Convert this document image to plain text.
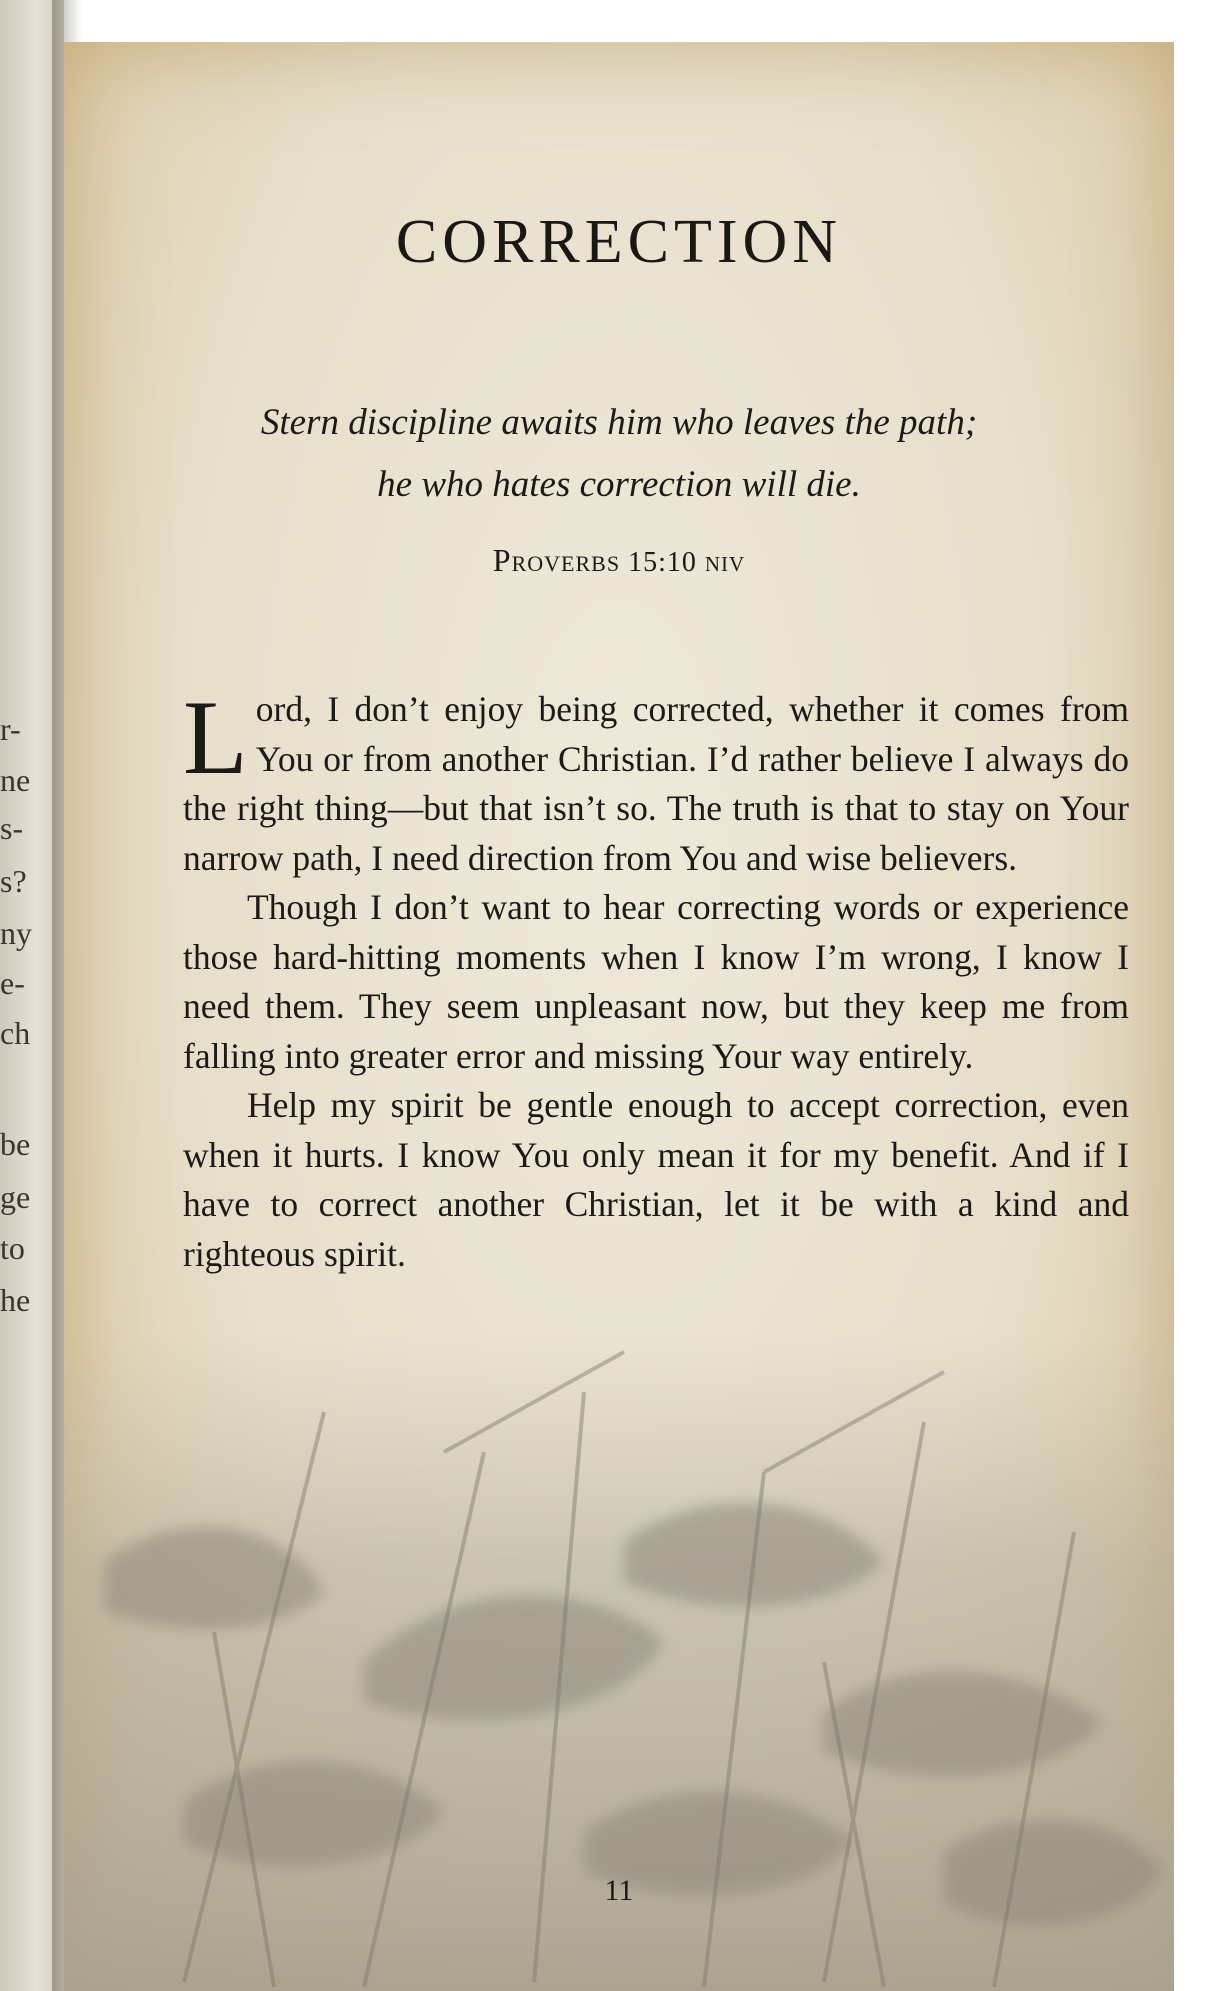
r-
ne
s-
s?
ny
e-
ch
be
ge
to
he
CORRECTION
Stern discipline awaits him who leaves the path;
he who hates correction will die.
Proverbs 15:10 niv

Lord, I don’t enjoy being corrected, whether it comes from You or from another Christian. I’d rather believe I always do the right thing—but that isn’t so. The truth is that to stay on Your narrow path, I need direction from You and wise believers.

Though I don’t want to hear correcting words or experience those hard-hitting moments when I know I’m wrong, I know I need them. They seem unpleasant now, but they keep me from falling into greater error and missing Your way entirely.

Help my spirit be gentle enough to accept correction, even when it hurts. I know You only mean it for my benefit. And if I have to correct another Christian, let it be with a kind and righteous spirit.

11
